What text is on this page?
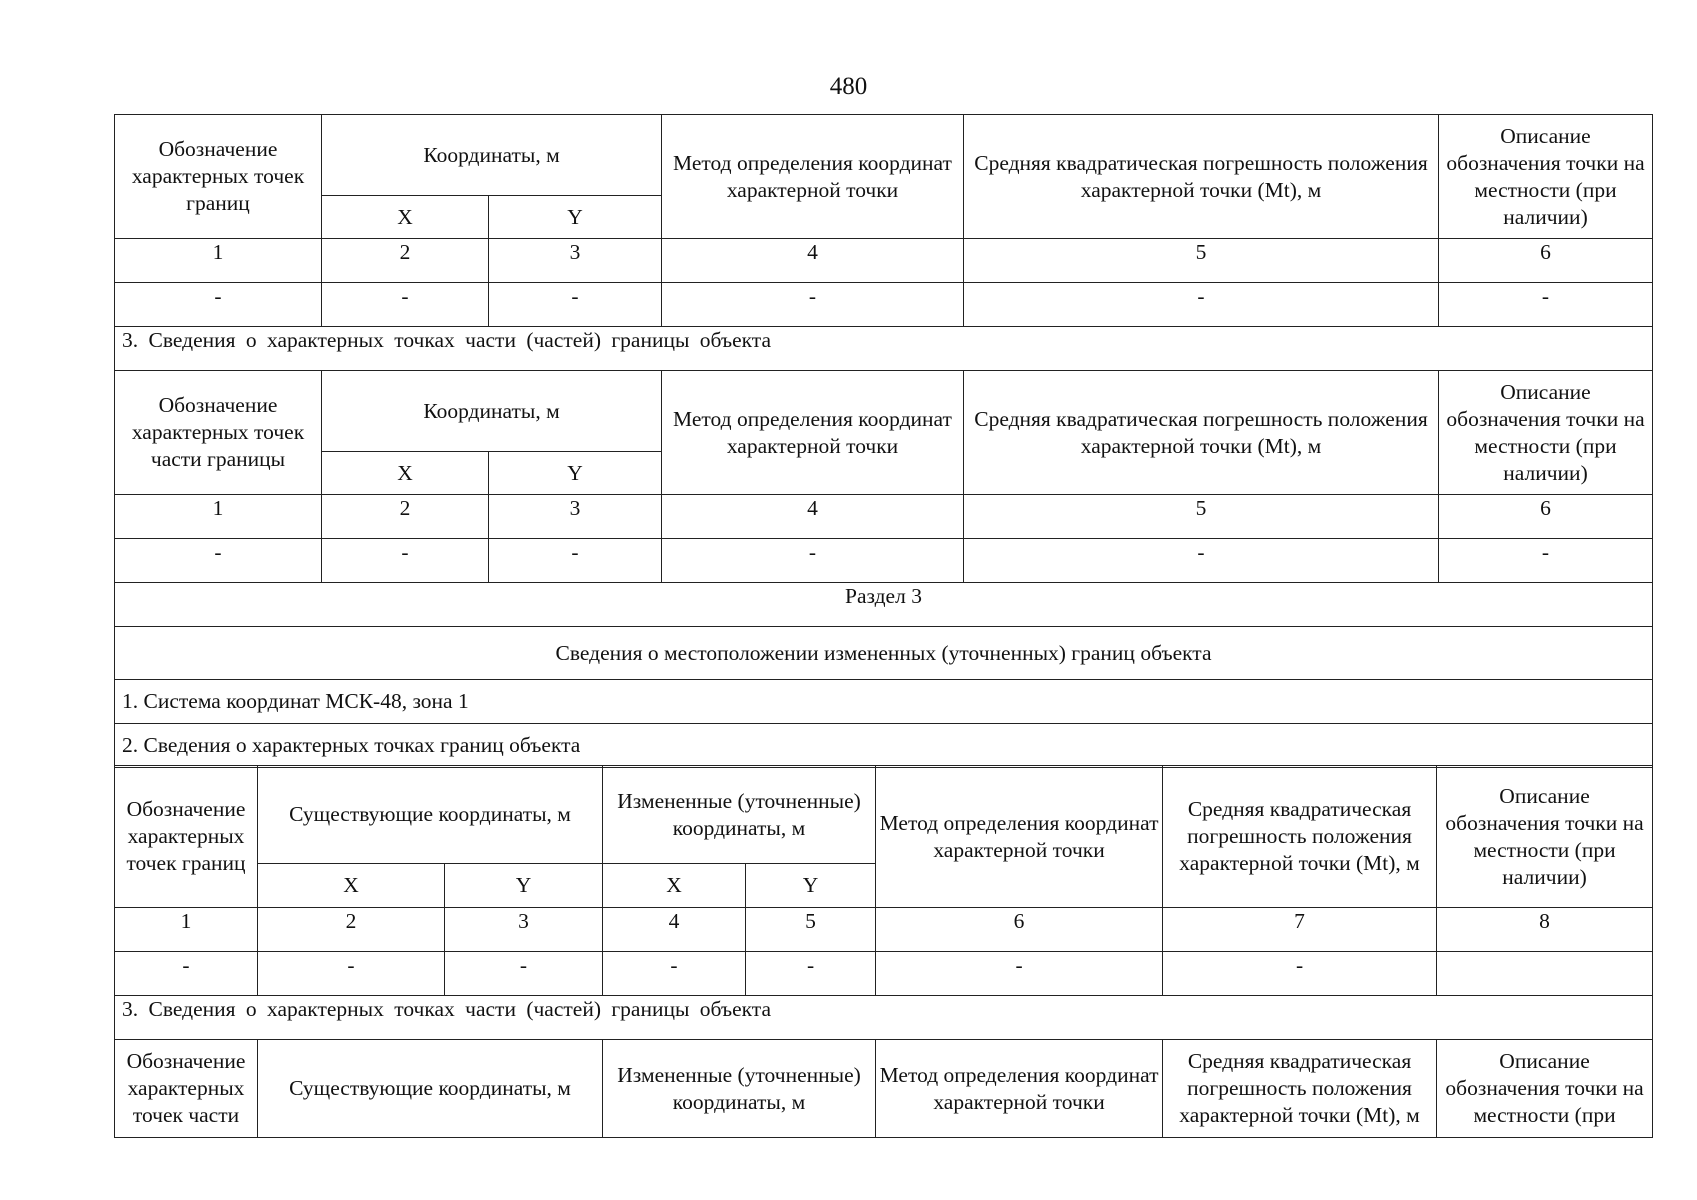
480
Обозначение характерных точек границ	Координаты, м		Метод определения координат характерной точки	Средняя квадратическая погрешность положения характерной точки (Mt), м	Описание обозначения точки на местности (при наличии)
	X	Y			
1	2	3	4	5	6
-	-	-	-	-	-
3. Сведения о характерных точках части (частей) границы объекта					
Обозначение характерных точек части границы	Координаты, м		Метод определения координат характерной точки	Средняя квадратическая погрешность положения характерной точки (Mt), м	Описание обозначения точки на местности (при наличии)
	X	Y			
1	2	3	4	5	6
-	-	-	-	-	-
Раздел 3					
Сведения о местоположении измененных (уточненных) границ объекта					
1. Система координат МСК-48, зона 1					
2. Сведения о характерных точках границ объекта					
Обозначение характерных точек границ	Существующие координаты, м		Измененные (уточненные) координаты, м		Метод определения координат характерной точки	Средняя квадратическая погрешность положения характерной точки (Mt), м	Описание обозначения точки на местности (при наличии)
	X	Y	X	Y			
1	2	3	4	5	6	7	8
-	-	-	-	-	-	-	
3. Сведения о характерных точках части (частей) границы объекта							
Обозначение характерных точек части	Существующие координаты, м		Измененные (уточненные) координаты, м		Метод определения координат характерной точки	Средняя квадратическая погрешность положения характерной точки (Mt), м	Описание обозначения точки на местности (при
